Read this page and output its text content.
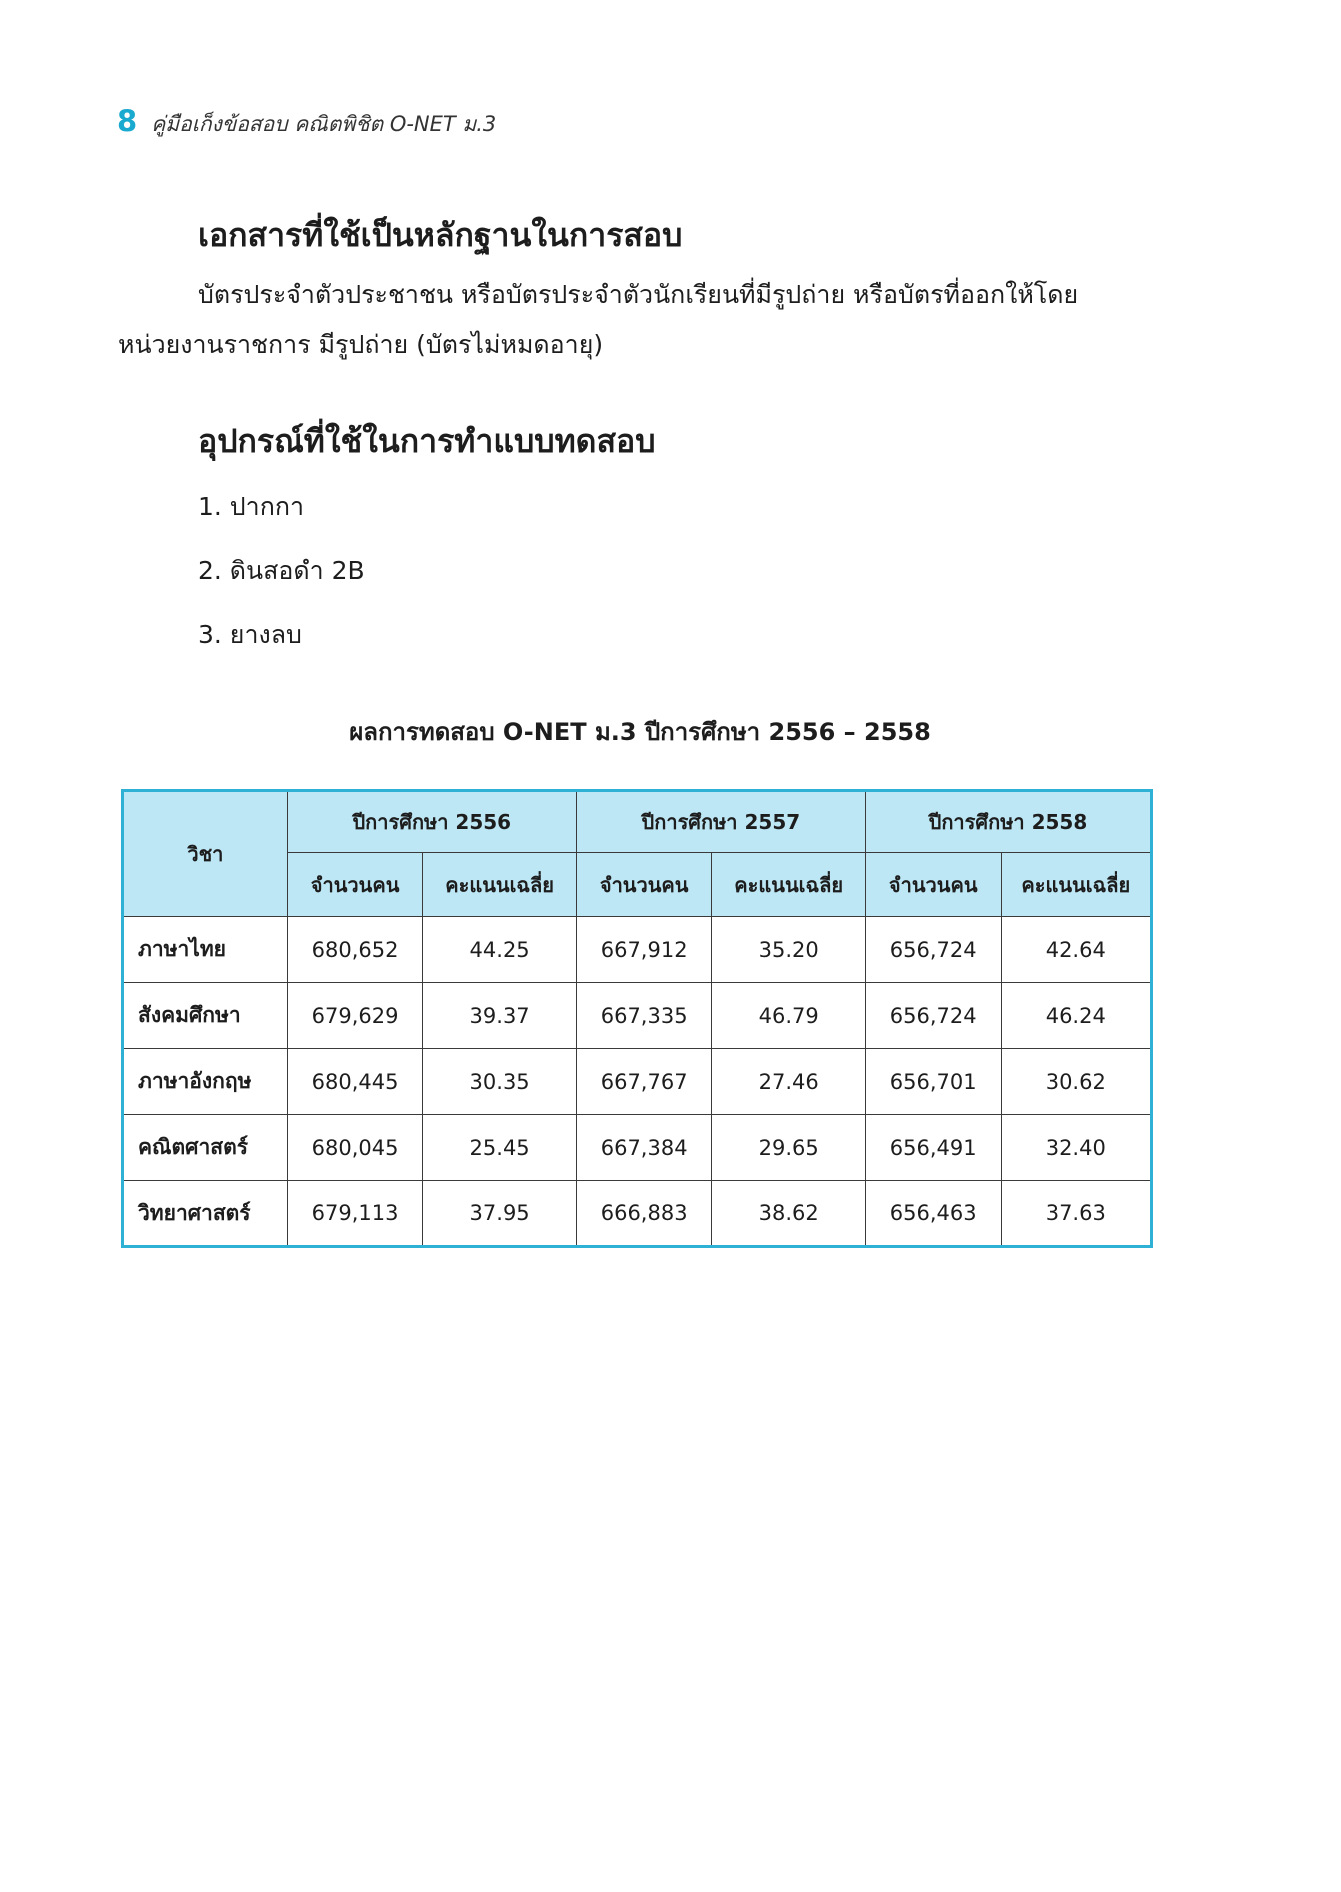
8 คู่มือเก็งข้อสอบ คณิตพิชิต O-NET ม.3
เอกสารที่ใช้เป็นหลักฐานในการสอบ

บัตรประจำตัวประชาชน หรือบัตรประจำตัวนักเรียนที่มีรูปถ่าย หรือบัตรที่ออกให้โดย
หน่วยงานราชการ มีรูปถ่าย (บัตรไม่หมดอายุ)

อุปกรณ์ที่ใช้ในการทำแบบทดสอบ

1. ปากกา

2. ดินสอดำ 2B

3. ยางลบ

ผลการทดสอบ O-NET ม.3 ปีการศึกษา 2556 – 2558

วิชา	ปีการศึกษา 2556		ปีการศึกษา 2557		ปีการศึกษา 2558	
	จำนวนคน	คะแนนเฉลี่ย	จำนวนคน	คะแนนเฉลี่ย	จำนวนคน	คะแนนเฉลี่ย
ภาษาไทย	680,652	44.25	667,912	35.20	656,724	42.64
สังคมศึกษา	679,629	39.37	667,335	46.79	656,724	46.24
ภาษาอังกฤษ	680,445	30.35	667,767	27.46	656,701	30.62
คณิตศาสตร์	680,045	25.45	667,384	29.65	656,491	32.40
วิทยาศาสตร์	679,113	37.95	666,883	38.62	656,463	37.63
